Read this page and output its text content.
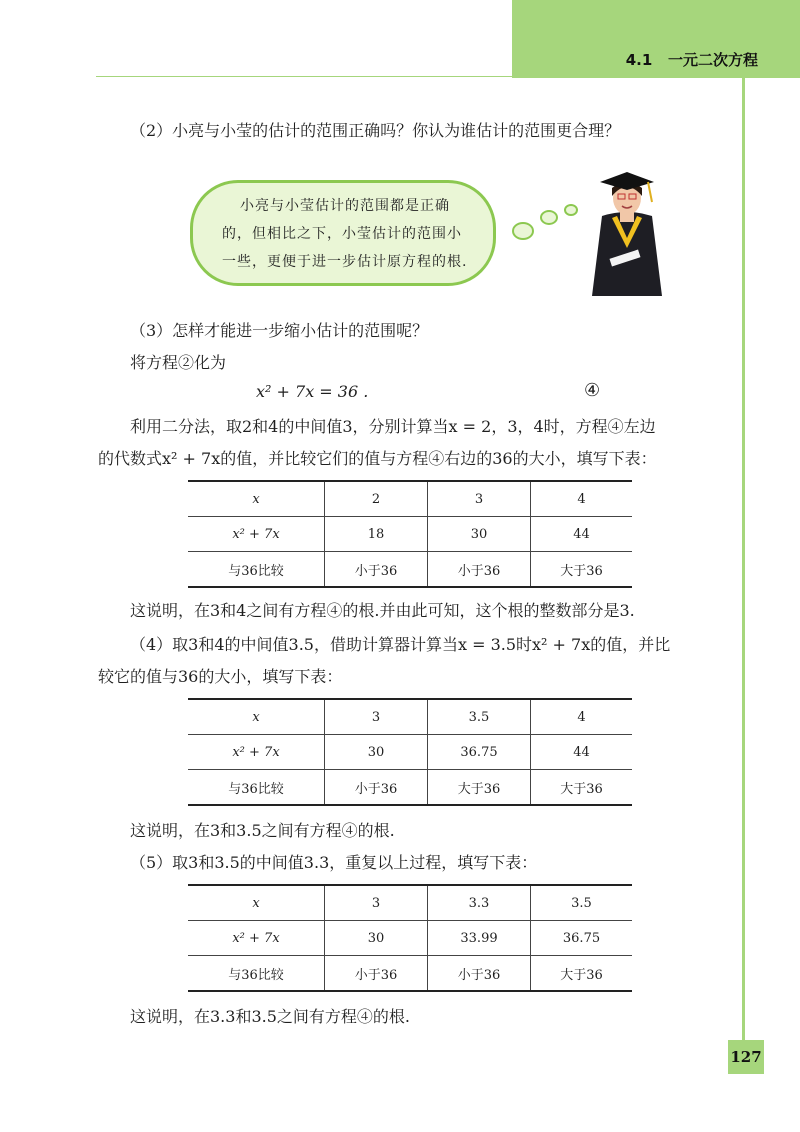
4.1   一元二次方程
（2）小亮与小莹的估计的范围正确吗？你认为谁估计的范围更合理？
小亮与小莹估计的范围都是正确
的，但相比之下，小莹估计的范围小
一些，更便于进一步估计原方程的根.
（3）怎样才能进一步缩小估计的范围呢？
将方程②化为
x² + 7x = 36 .	④
利用二分法，取2和4的中间值3，分别计算当x = 2，3，4时，方程④左边
的代数式x² + 7x的值，并比较它们的值与方程④右边的36的大小，填写下表：
x	2	3	4
x² + 7x	18	30	44
与36比较	小于36	小于36	大于36
这说明，在3和4之间有方程④的根.并由此可知，这个根的整数部分是3.
（4）取3和4的中间值3.5，借助计算器计算当x = 3.5时x² + 7x的值，并比
较它的值与36的大小，填写下表：
x	3	3.5	4
x² + 7x	30	36.75	44
与36比较	小于36	大于36	大于36
这说明，在3和3.5之间有方程④的根.
（5）取3和3.5的中间值3.3，重复以上过程，填写下表：
x	3	3.3	3.5
x² + 7x	30	33.99	36.75
与36比较	小于36	小于36	大于36
这说明，在3.3和3.5之间有方程④的根.
127
